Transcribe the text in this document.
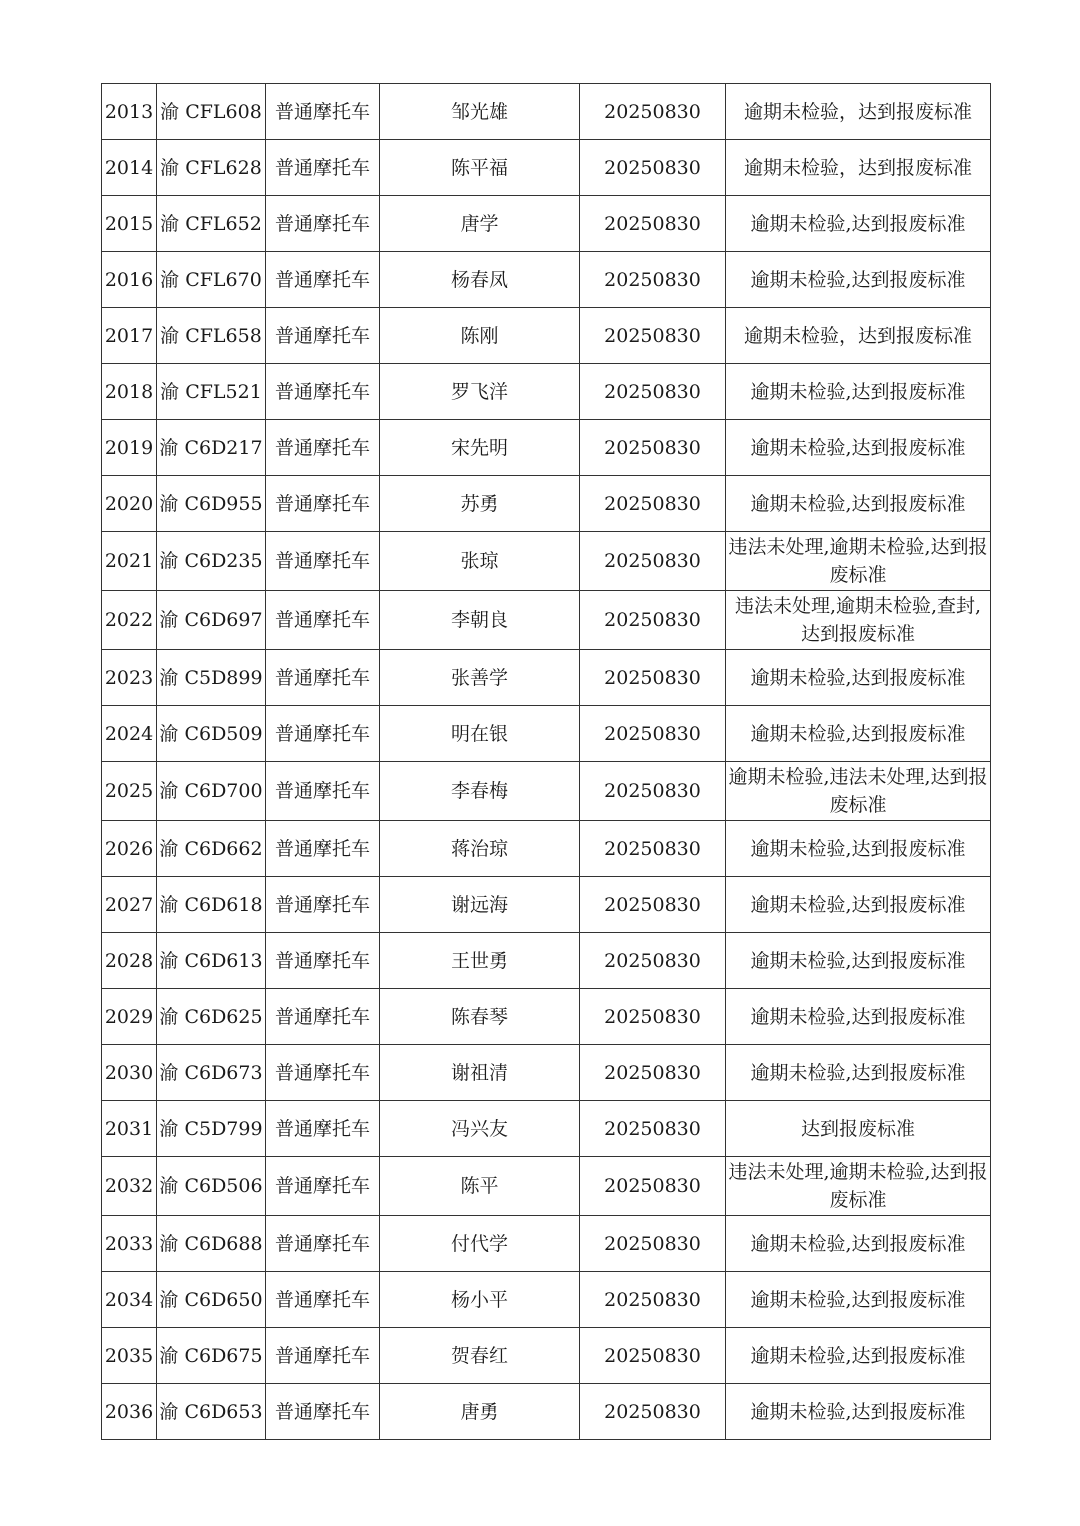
2013	渝 CFL608	普通摩托车	邹光雄	20250830	逾期未检验，达到报废标准
2014	渝 CFL628	普通摩托车	陈平福	20250830	逾期未检验，达到报废标准
2015	渝 CFL652	普通摩托车	唐学	20250830	逾期未检验,达到报废标准
2016	渝 CFL670	普通摩托车	杨春凤	20250830	逾期未检验,达到报废标准
2017	渝 CFL658	普通摩托车	陈刚	20250830	逾期未检验，达到报废标准
2018	渝 CFL521	普通摩托车	罗飞洋	20250830	逾期未检验,达到报废标准
2019	渝 C6D217	普通摩托车	宋先明	20250830	逾期未检验,达到报废标准
2020	渝 C6D955	普通摩托车	苏勇	20250830	逾期未检验,达到报废标准
2021	渝 C6D235	普通摩托车	张琼	20250830	违法未处理,逾期未检验,达到报废标准
2022	渝 C6D697	普通摩托车	李朝良	20250830	违法未处理,逾期未检验,查封,达到报废标准
2023	渝 C5D899	普通摩托车	张善学	20250830	逾期未检验,达到报废标准
2024	渝 C6D509	普通摩托车	明在银	20250830	逾期未检验,达到报废标准
2025	渝 C6D700	普通摩托车	李春梅	20250830	逾期未检验,违法未处理,达到报废标准
2026	渝 C6D662	普通摩托车	蒋治琼	20250830	逾期未检验,达到报废标准
2027	渝 C6D618	普通摩托车	谢远海	20250830	逾期未检验,达到报废标准
2028	渝 C6D613	普通摩托车	王世勇	20250830	逾期未检验,达到报废标准
2029	渝 C6D625	普通摩托车	陈春琴	20250830	逾期未检验,达到报废标准
2030	渝 C6D673	普通摩托车	谢祖清	20250830	逾期未检验,达到报废标准
2031	渝 C5D799	普通摩托车	冯兴友	20250830	达到报废标准
2032	渝 C6D506	普通摩托车	陈平	20250830	违法未处理,逾期未检验,达到报废标准
2033	渝 C6D688	普通摩托车	付代学	20250830	逾期未检验,达到报废标准
2034	渝 C6D650	普通摩托车	杨小平	20250830	逾期未检验,达到报废标准
2035	渝 C6D675	普通摩托车	贺春红	20250830	逾期未检验,达到报废标准
2036	渝 C6D653	普通摩托车	唐勇	20250830	逾期未检验,达到报废标准
